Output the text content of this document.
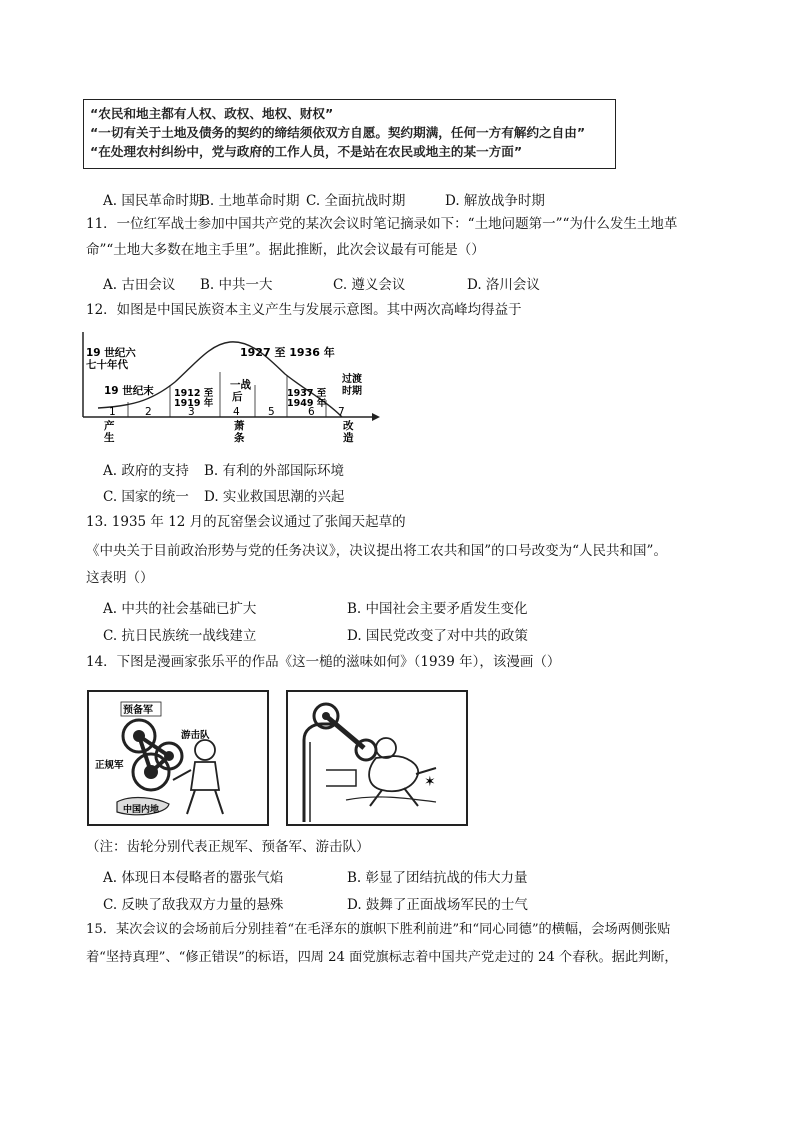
“农民和地主都有人权、政权、地权、财权”
“一切有关于土地及债务的契约的缔结须依双方自愿。契约期满，任何一方有解约之自由”
“在处理农村纠纷中，党与政府的工作人员，不是站在农民或地主的某一方面”
A. 国民革命时期
B. 土地革命时期 C. 全面抗战时期	D. 解放战争时期
11．一位红军战士参加中国共产党的某次会议时笔记摘录如下：“土地问题第一”“为什么发生土地革
命”“土地大多数在地主手里”。据此推断，此次会议最有可能是（）
A. 古田会议 B. 中共一大	C. 遵义会议	D. 洛川会议
12．如图是中国民族资本主义产生与发展示意图。其中两次高峰均得益于
19 世纪六
七十年代
1927 至 1936 年
19 世纪末 1912 至
1919 年
一战
后	1937 至
1949 年
过渡
时期
1	2	3	4	5	6 7
产
生
萧
条
改
造
A. 政府的支持 B. 有利的外部国际环境
C. 国家的统一 D. 实业救国思潮的兴起
13. 1935 年 12 月的瓦窑堡会议通过了张闻天起草的
《中央关于目前政治形势与党的任务决议》，决议提出将工农共和国”的口号改变为“人民共和国”。
这表明（）
A. 中共的社会基础已扩大	B. 中国社会主要矛盾发生变化
C. 抗日民族统一战线建立	D. 国民党改变了对中共的政策
14．下图是漫画家张乐平的作品《这一槌的滋味如何》（1939 年），该漫画（）
预备军
游击队
正规军
中国内地
✶
（注：齿轮分别代表正规军、预备军、游击队）
A. 体现日本侵略者的嚣张气焰	B. 彰显了团结抗战的伟大力量
C. 反映了敌我双方力量的悬殊	D. 鼓舞了正面战场军民的士气
15．某次会议的会场前后分别挂着“在毛泽东的旗帜下胜利前进”和“同心同德”的横幅，会场两侧张贴
着“坚持真理”、“修正错误”的标语，四周 24 面党旗标志着中国共产党走过的 24 个春秋。据此判断，
